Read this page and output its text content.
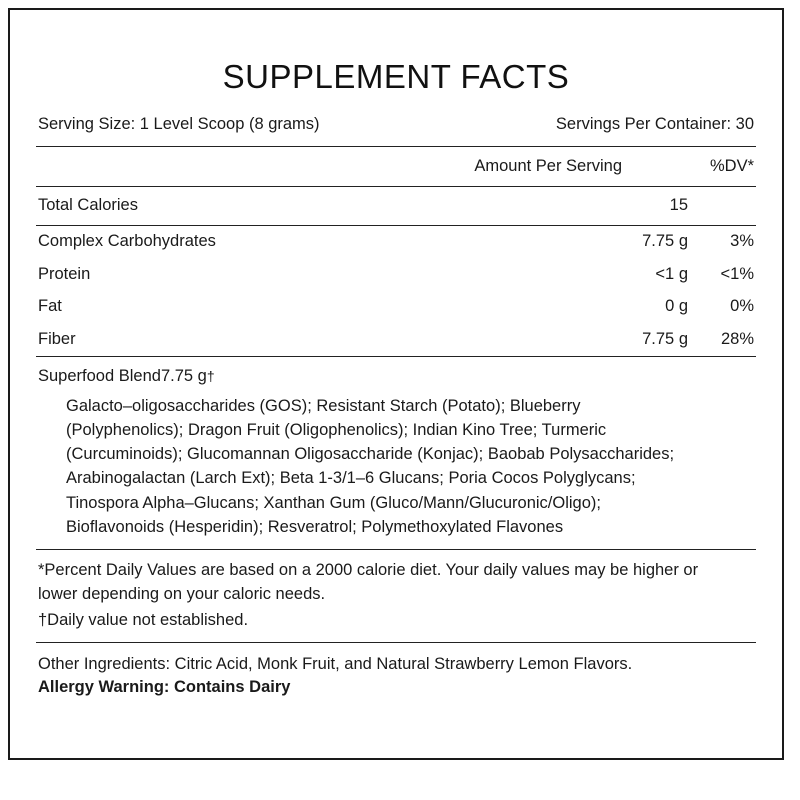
SUPPLEMENT FACTS
Serving Size: 1 Level Scoop (8 grams)	Servings Per Container: 30
Amount Per Serving	%DV*
Total Calories	15
Complex Carbohydrates	7.75 g	3%
Protein	<1 g	<1%
Fat	0 g	0%
Fiber	7.75 g	28%
Superfood Blend 7.75 g †
Galacto–oligosaccharides (GOS); Resistant Starch (Potato); Blueberry (Polyphenolics); Dragon Fruit (Oligophenolics); Indian Kino Tree; Turmeric (Curcuminoids); Glucomannan Oligosaccharide (Konjac); Baobab Polysaccharides; Arabinogalactan (Larch Ext); Beta 1-3/1–6 Glucans; Poria Cocos Polyglycans; Tinospora Alpha–Glucans; Xanthan Gum (Gluco/Mann/Glucuronic/Oligo); Bioflavonoids (Hesperidin); Resveratrol; Polymethoxylated Flavones
*Percent Daily Values are based on a 2000 calorie diet. Your daily values may be higher or lower depending on your caloric needs.
†Daily value not established.
Other Ingredients: Citric Acid, Monk Fruit, and Natural Strawberry Lemon Flavors.
Allergy Warning: Contains Dairy
